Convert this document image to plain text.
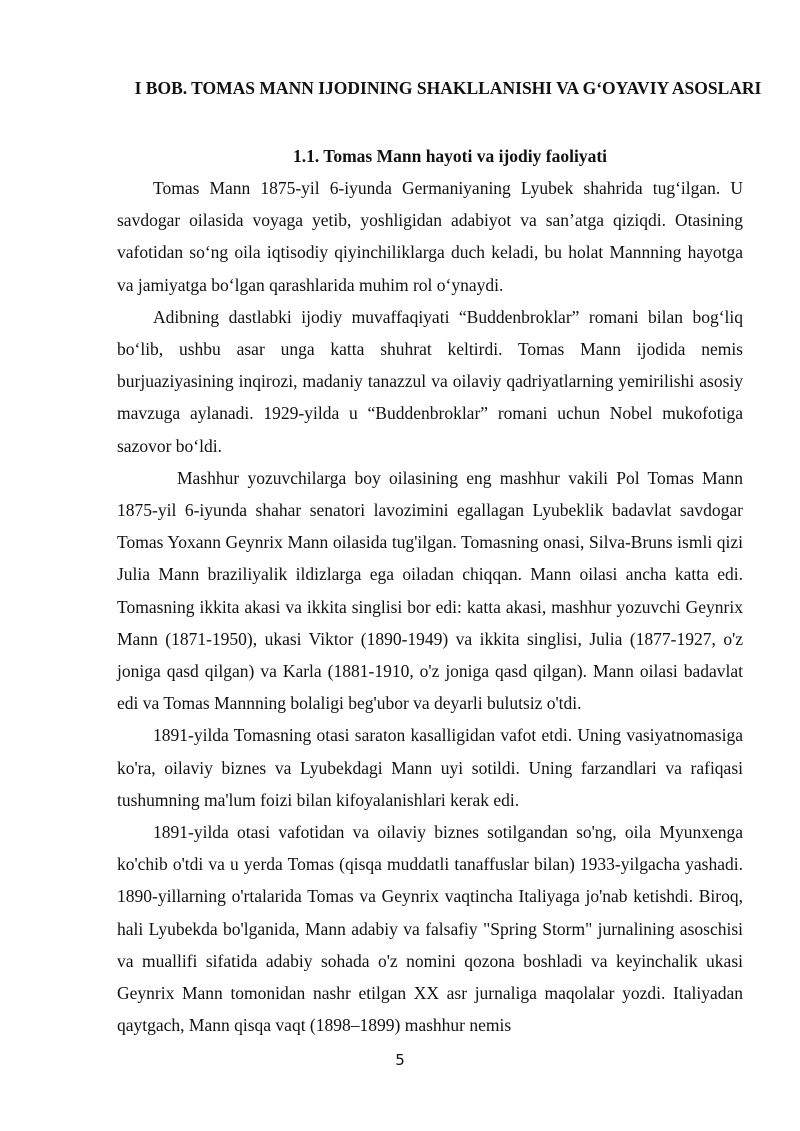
I BOB. TOMAS MANN IJODINING SHAKLLANISHI VA G‘OYAVIY ASOSLARI
1.1. Tomas Mann hayoti va ijodiy faoliyati

Tomas Mann 1875-yil 6-iyunda Germaniyaning Lyubek shahrida tug‘ilgan. U savdogar oilasida voyaga yetib, yoshligidan adabiyot va san’atga qiziqdi. Otasining vafotidan so‘ng oila iqtisodiy qiyinchiliklarga duch keladi, bu holat Mannning hayotga va jamiyatga bo‘lgan qarashlarida muhim rol o‘ynaydi.

Adibning dastlabki ijodiy muvaffaqiyati “Buddenbroklar” romani bilan bog‘liq bo‘lib, ushbu asar unga katta shuhrat keltirdi. Tomas Mann ijodida nemis burjuaziyasining inqirozi, madaniy tanazzul va oilaviy qadriyatlarning yemirilishi asosiy mavzuga aylanadi. 1929-yilda u “Buddenbroklar” romani uchun Nobel mukofotiga sazovor bo‘ldi.

Mashhur yozuvchilarga boy oilasining eng mashhur vakili Pol Tomas Mann 1875-yil 6-iyunda shahar senatori lavozimini egallagan Lyubeklik badavlat savdogar Tomas Yoxann Geynrix Mann oilasida tug'ilgan. Tomasning onasi, Silva-Bruns ismli qizi Julia Mann braziliyalik ildizlarga ega oiladan chiqqan. Mann oilasi ancha katta edi. Tomasning ikkita akasi va ikkita singlisi bor edi: katta akasi, mashhur yozuvchi Geynrix Mann (1871-1950), ukasi Viktor (1890-1949) va ikkita singlisi, Julia (1877-1927, o'z joniga qasd qilgan) va Karla (1881-1910, o'z joniga qasd qilgan). Mann oilasi badavlat edi va Tomas Mannning bolaligi beg'ubor va deyarli bulutsiz o'tdi.

1891-yilda Tomasning otasi saraton kasalligidan vafot etdi. Uning vasiyatnomasiga ko'ra, oilaviy biznes va Lyubekdagi Mann uyi sotildi. Uning farzandlari va rafiqasi tushumning ma'lum foizi bilan kifoyalanishlari kerak edi.

1891-yilda otasi vafotidan va oilaviy biznes sotilgandan so'ng, oila Myunxenga ko'chib o'tdi va u yerda Tomas (qisqa muddatli tanaffuslar bilan) 1933-yilgacha yashadi. 1890-yillarning o'rtalarida Tomas va Geynrix vaqtincha Italiyaga jo'nab ketishdi. Biroq, hali Lyubekda bo'lganida, Mann adabiy va falsafiy "Spring Storm" jurnalining asoschisi va muallifi sifatida adabiy sohada o'z nomini qozona boshladi va keyinchalik ukasi Geynrix Mann tomonidan nashr etilgan XX asr jurnaliga maqolalar yozdi. Italiyadan qaytgach, Mann qisqa vaqt (1898–1899) mashhur nemis

5
